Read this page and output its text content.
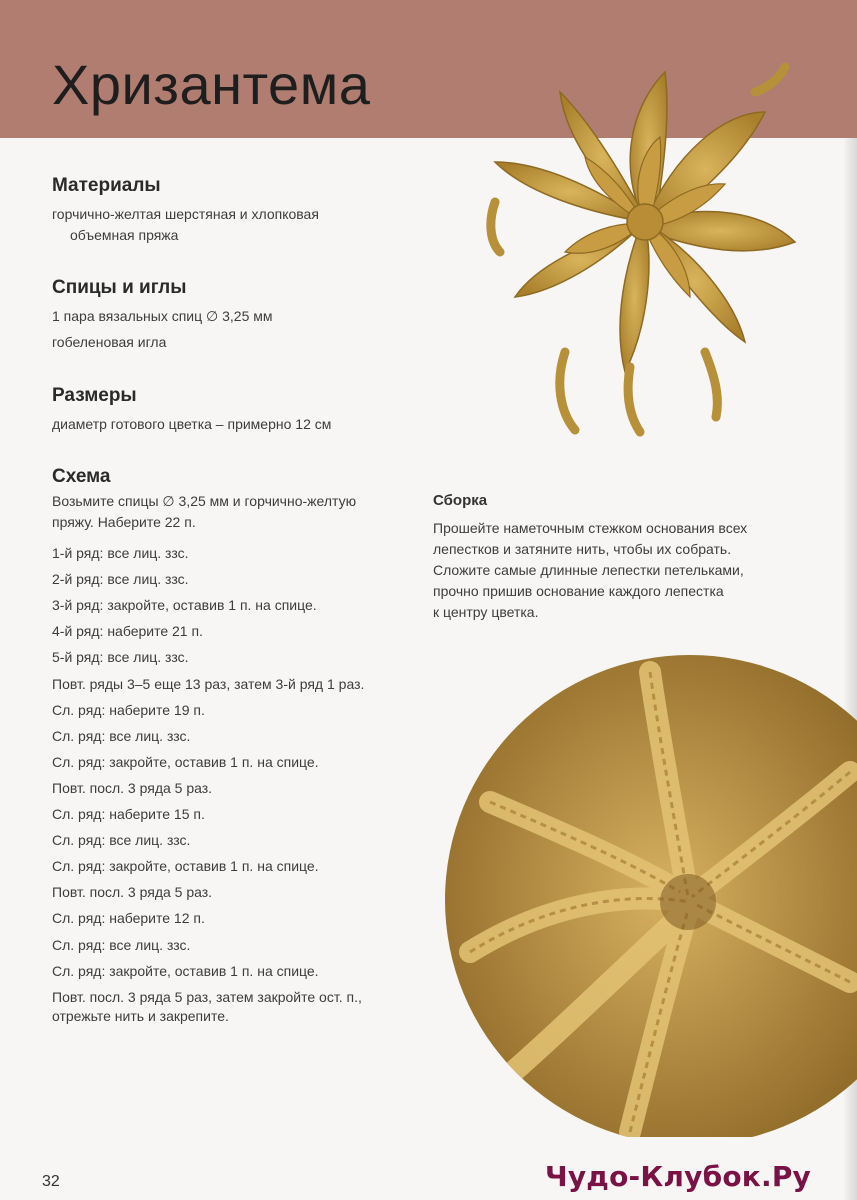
Хризантема
Материалы
горчично-желтая шерстяная и хлопковая
объемная пряжа
Спицы и иглы
1 пара вязальных спиц ∅ 3,25 мм
гобеленовая игла
Размеры
диаметр готового цветка – примерно 12 см
Схема
Возьмите спицы ∅ 3,25 мм и горчично-желтую
пряжу. Наберите 22 п.
1-й ряд: все лиц. ззс.
2-й ряд: все лиц. ззс.
3-й ряд: закройте, оставив 1 п. на спице.
4-й ряд: наберите 21 п.
5-й ряд: все лиц. ззс.
Повт. ряды 3–5 еще 13 раз, затем 3-й ряд 1 раз.
Сл. ряд: наберите 19 п.
Сл. ряд: все лиц. ззс.
Сл. ряд: закройте, оставив 1 п. на спице.
Повт. посл. 3 ряда 5 раз.
Сл. ряд: наберите 15 п.
Сл. ряд: все лиц. ззс.
Сл. ряд: закройте, оставив 1 п. на спице.
Повт. посл. 3 ряда 5 раз.
Сл. ряд: наберите 12 п.
Сл. ряд: все лиц. ззс.
Сл. ряд: закройте, оставив 1 п. на спице.
Повт. посл. 3 ряда 5 раз, затем закройте ост. п.,
отрежьте нить и закрепите.
Сборка
Прошейте наметочным стежком основания всех
лепестков и затяните нить, чтобы их собрать.
Сложите самые длинные лепестки петельками,
прочно пришив основание каждого лепестка
к центру цветка.
32	Чудо-Клубок.Ру
